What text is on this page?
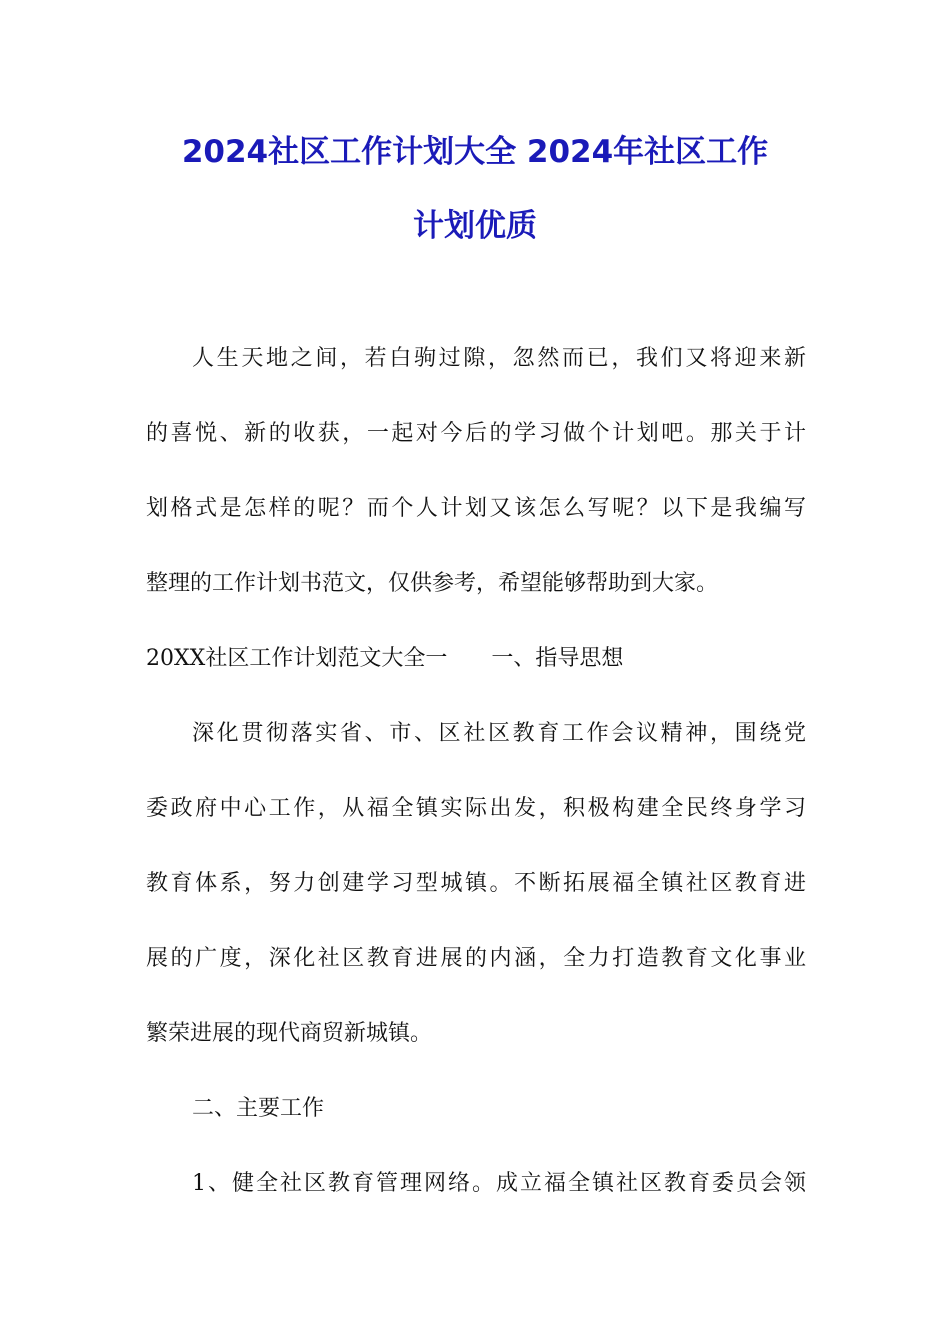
2024社区工作计划大全 2024年社区工作
计划优质
人生天地之间，若白驹过隙，忽然而已，我们又将迎来新
的喜悦、新的收获，一起对今后的学习做个计划吧。那关于计
划格式是怎样的呢？而个人计划又该怎么写呢？以下是我编写
整理的工作计划书范文，仅供参考，希望能够帮助到大家。
20XX社区工作计划范文大全一　　一、指导思想
深化贯彻落实省、市、区社区教育工作会议精神，围绕党
委政府中心工作，从福全镇实际出发，积极构建全民终身学习
教育体系，努力创建学习型城镇。不断拓展福全镇社区教育进
展的广度，深化社区教育进展的内涵，全力打造教育文化事业
繁荣进展的现代商贸新城镇。
二、主要工作
1、健全社区教育管理网络。成立福全镇社区教育委员会领
